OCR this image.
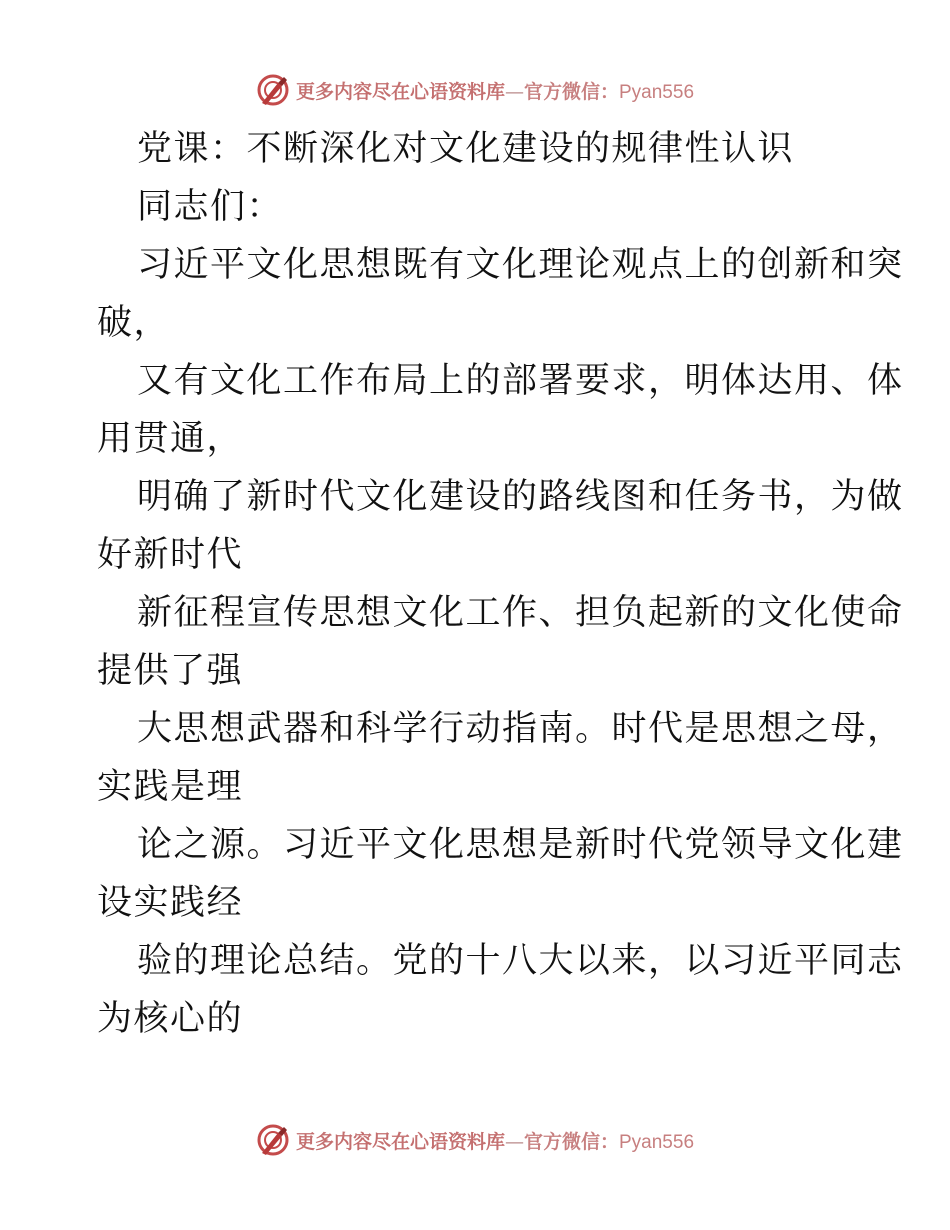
更多内容尽在心语资料库—官方微信：Pyan556
党课：不断深化对文化建设的规律性认识
同志们：
习近平文化思想既有文化理论观点上的创新和突
破，
又有文化工作布局上的部署要求，明体达用、体
用贯通，
明确了新时代文化建设的路线图和任务书，为做
好新时代
新征程宣传思想文化工作、担负起新的文化使命
提供了强
大思想武器和科学行动指南。时代是思想之母，
实践是理
论之源。习近平文化思想是新时代党领导文化建
设实践经
验的理论总结。党的十八大以来，以习近平同志
为核心的
更多内容尽在心语资料库—官方微信：Pyan556
